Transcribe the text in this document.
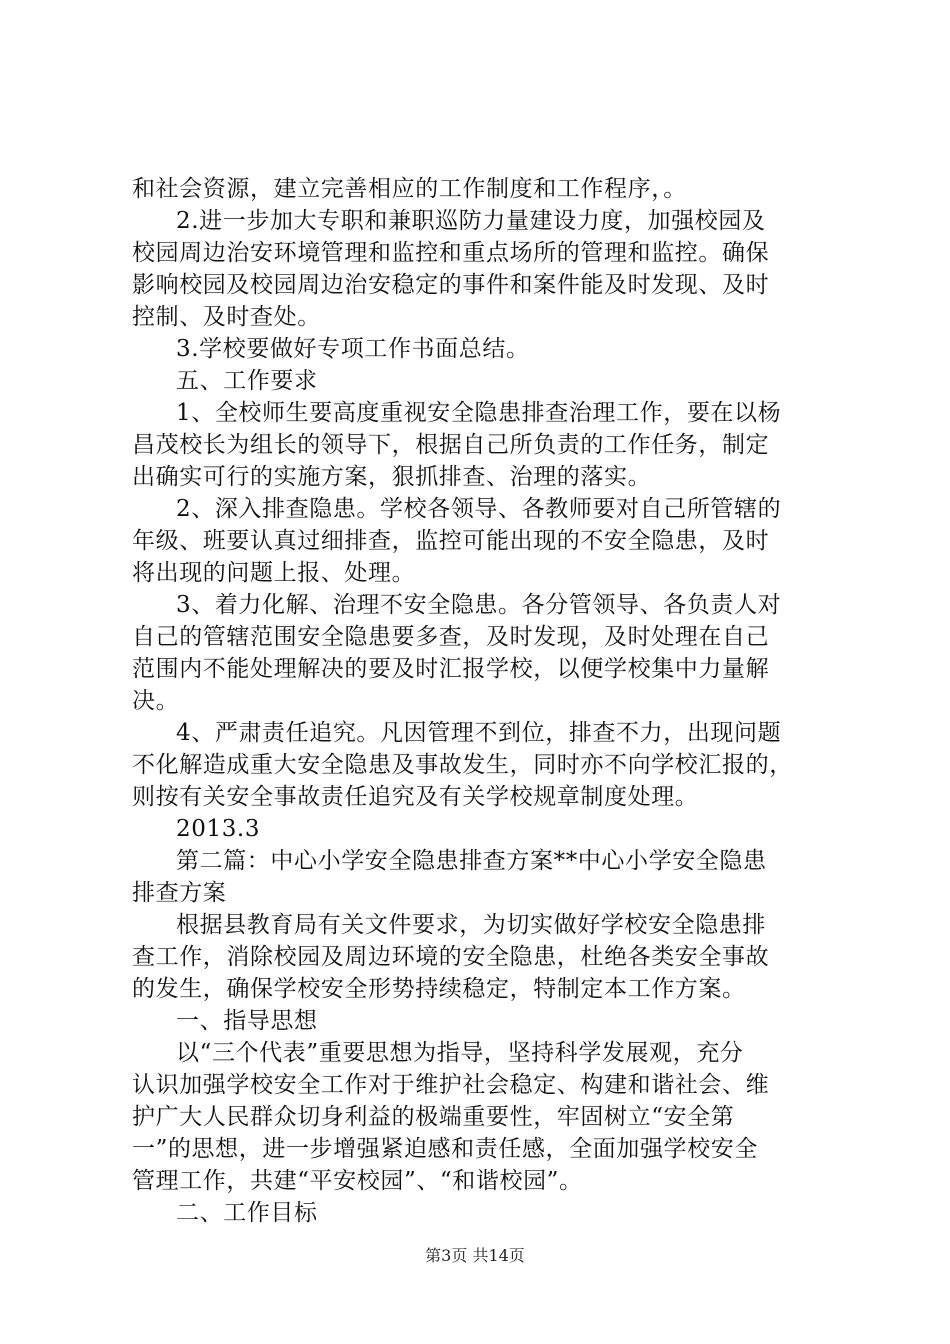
和社会资源，建立完善相应的工作制度和工作程序，。
2.进一步加大专职和兼职巡防力量建设力度，加强校园及
校园周边治安环境管理和监控和重点场所的管理和监控。确保
影响校园及校园周边治安稳定的事件和案件能及时发现、及时
控制、及时查处。
3.学校要做好专项工作书面总结。
五、工作要求
1、全校师生要高度重视安全隐患排查治理工作，要在以杨
昌茂校长为组长的领导下，根据自己所负责的工作任务，制定
出确实可行的实施方案，狠抓排查、治理的落实。
2、深入排查隐患。学校各领导、各教师要对自己所管辖的
年级、班要认真过细排查，监控可能出现的不安全隐患，及时
将出现的问题上报、处理。
3、着力化解、治理不安全隐患。各分管领导、各负责人对
自己的管辖范围安全隐患要多查，及时发现，及时处理在自己
范围内不能处理解决的要及时汇报学校，以便学校集中力量解
决。
4、严肃责任追究。凡因管理不到位，排查不力，出现问题
不化解造成重大安全隐患及事故发生，同时亦不向学校汇报的，
则按有关安全事故责任追究及有关学校规章制度处理。
2013.3
第二篇：中心小学安全隐患排查方案**中心小学安全隐患
排查方案
根据县教育局有关文件要求，为切实做好学校安全隐患排
查工作，消除校园及周边环境的安全隐患，杜绝各类安全事故
的发生，确保学校安全形势持续稳定，特制定本工作方案。
一、指导思想
以“三个代表”重要思想为指导，坚持科学发展观，充分
认识加强学校安全工作对于维护社会稳定、构建和谐社会、维
护广大人民群众切身利益的极端重要性，牢固树立“安全第
一”的思想，进一步增强紧迫感和责任感，全面加强学校安全
管理工作，共建“平安校园”、“和谐校园”。
二、工作目标
第3页 共14页
